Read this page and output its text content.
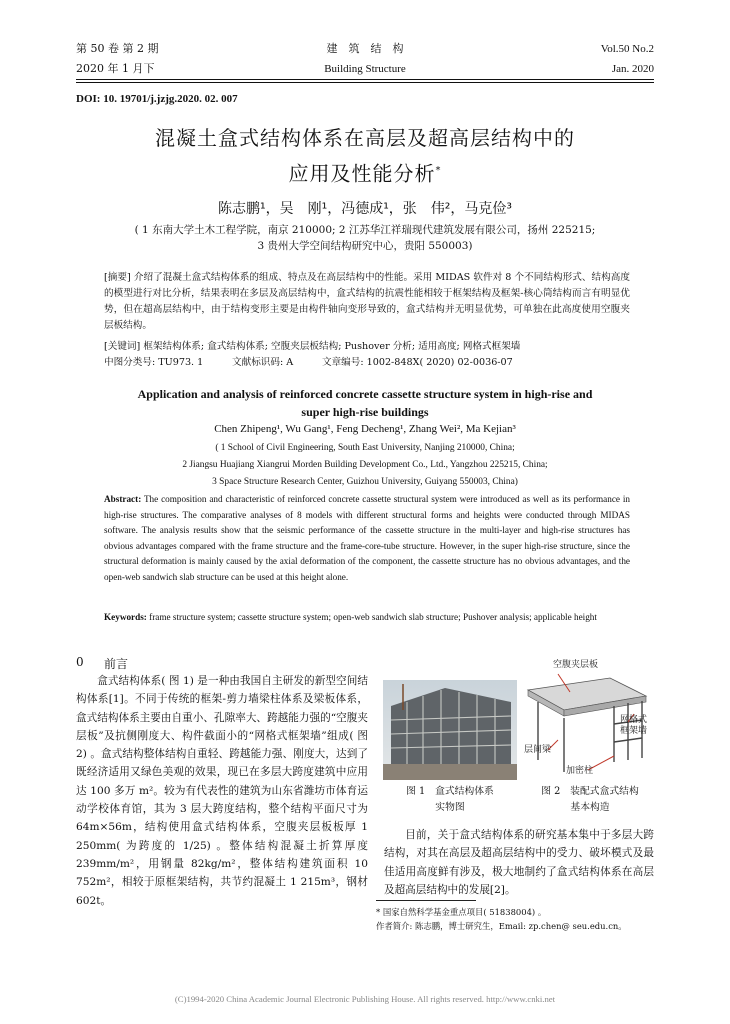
第 50 卷 第 2 期
2020 年 1 月下
建　筑　结　构
Building Structure
Vol.50 No.2
Jan. 2020
DOI: 10. 19701/j.jzjg.2020. 02. 007
混凝土盒式结构体系在高层及超高层结构中的
应用及性能分析*
陈志鹏¹，吴　刚¹，冯德成¹，张　伟²，马克俭³
( 1 东南大学土木工程学院，南京 210000; 2 江苏华江祥瑞现代建筑发展有限公司，扬州 225215;
3 贵州大学空间结构研究中心，贵阳 550003)
[摘要] 介绍了混凝土盒式结构体系的组成、特点及在高层结构中的性能。采用 MIDAS 软件对 8 个不同结构形式、结构高度的模型进行对比分析，结果表明在多层及高层结构中，盒式结构的抗震性能相较于框架结构及框架-核心筒结构而言有明显优势，但在超高层结构中，由于结构变形主要是由构件轴向变形导致的，盒式结构并无明显优势，可单独在此高度使用空腹夹层板结构。
[关键词] 框架结构体系; 盒式结构体系; 空腹夹层板结构; Pushover 分析; 适用高度; 网格式框架墙
中图分类号: TU973. 1　　　文献标识码: A　　　文章编号: 1002-848X( 2020) 02-0036-07
Application and analysis of reinforced concrete cassette structure system in high-rise and
super high-rise buildings
Chen Zhipeng¹, Wu Gang¹, Feng Decheng¹, Zhang Wei², Ma Kejian³
( 1 School of Civil Engineering, South East University, Nanjing 210000, China;
2 Jiangsu Huajiang Xiangrui Morden Building Development Co., Ltd., Yangzhou 225215, China;
3 Space Structure Research Center, Guizhou University, Guiyang 550003, China)
Abstract: The composition and characteristic of reinforced concrete cassette structural system were introduced as well as its performance in high-rise structures. The comparative analyses of 8 models with different structural forms and heights were conducted through MIDAS software. The analysis results show that the seismic performance of the cassette structure in the multi-layer and high-rise structures has obvious advantages compared with the frame structure and the frame-core-tube structure. However, in the super high-rise structure, since the structural deformation is mainly caused by the axial deformation of the component, the cassette structure has no obvious advantages, and the open-web sandwich slab structure can be used at this height alone.
Keywords: frame structure system; cassette structure system; open-web sandwich slab structure; Pushover analysis; applicable height
0 前言

盒式结构体系( 图 1) 是一种由我国自主研发的新型空间结构体系[1]。不同于传统的框架-剪力墙梁柱体系及梁板体系，盒式结构体系主要由自重小、孔隙率大、跨越能力强的“空腹夹层板”及抗侧刚度大、构件截面小的“网格式框架墙”组成( 图 2) 。盒式结构整体结构自重轻、跨越能力强、刚度大，达到了既经济适用又绿色美观的效果，现已在多层大跨度建筑中应用达 100 多万 m²。较为有代表性的建筑为山东省潍坊市体育运动学校体育馆，其为 3 层大跨度结构，整个结构平面尺寸为 64m×56m，结构使用盒式结构体系，空腹夹层板板厚 1 250mm( 为跨度的 1/25) 。整体结构混凝土折算厚度 239mm/m²，用钢量 82kg/m²，整体结构建筑面积 10 752m²，相较于原框架结构，共节约混凝土 1 215m³，钢材 602t。

图 1　盒式结构体系
实物图
空腹夹层板
网格式
框架墙
层间梁
加密柱
图 2　装配式盒式结构
基本构造

目前，关于盒式结构体系的研究基本集中于多层大跨结构，对其在高层及超高层结构中的受力、破坏模式及最佳适用高度鲜有涉及，极大地制约了盒式结构体系在高层及超高层结构中的发展[2]。

* 国家自然科学基金重点项目( 51838004) 。
作者简介: 陈志鹏，博士研究生，Email: zp.chen@ seu.edu.cn。
(C)1994-2020 China Academic Journal Electronic Publishing House. All rights reserved. http://www.cnki.net
